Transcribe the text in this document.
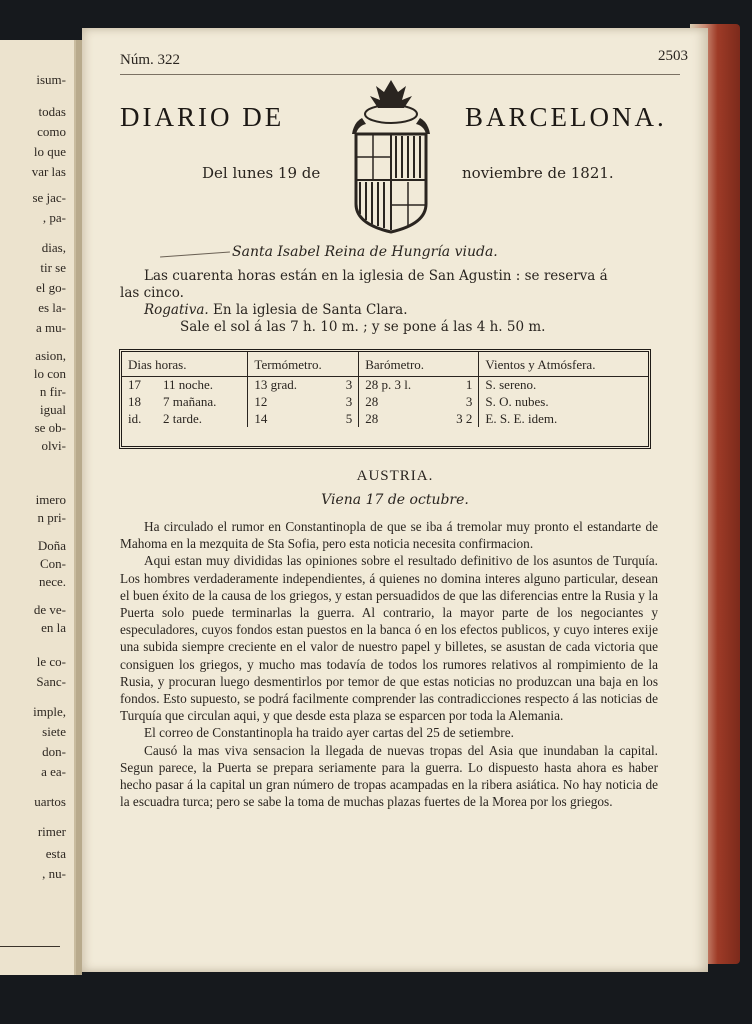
isum-
todas
como
lo que
var las
se jac-
, pa-
dias,
tir se
el go-
es la-
a mu-
asion,
lo con
n fir-
igual
se ob-
olvi-
imero
n pri-
Doña
Con-
nece.
de ve-
en la
le co-
Sanc-
imple,
siete
don-
a ea-
uartos
rimer
esta
, nu-
Núm. 322	2503
DIARIO DE	BARCELONA.
Del lunes 19 de	noviembre de 1821.
Santa Isabel Reina de Hungría viuda.
Las cuarenta horas están en la iglesia de San Agustin : se reserva á
las cinco.
Rogativa. En la iglesia de Santa Clara.
Sale el sol á las 7 h. 10 m. ; y se pone á las 4 h. 50 m.
Dias horas.		Termómetro.		Barómetro.		Vientos y Atmósfera.
17	11 noche.	13 grad.	3	28 p. 3 l.	1	S. sereno.
18	7 mañana.	12	3	28	3	S. O. nubes.
id.	2 tarde.	14	5	28	3 2	E. S. E. idem.
AUSTRIA.
Viena 17 de octubre.

Ha circulado el rumor en Constantinopla de que se iba á tremolar muy pronto el estandarte de Mahoma en la mezquita de Sta Sofia, pero esta noticia necesita confirmacion.

Aqui estan muy divididas las opiniones sobre el resultado definitivo de los asuntos de Turquía. Los hombres verdaderamente independientes, á quienes no domina interes alguno particular, desean el buen éxito de la causa de los griegos, y estan persuadidos de que las diferencias entre la Rusia y la Puerta solo puede terminarlas la guerra. Al contrario, la mayor parte de los negociantes y especuladores, cuyos fondos estan puestos en la banca ó en los efectos publicos, y cuyo interes exije una subida siempre creciente en el valor de nuestro papel y billetes, se asustan de cada victoria que consiguen los griegos, y mucho mas todavía de todos los rumores relativos al rompimiento de la Rusia, y procuran luego desmentirlos por temor de que estas noticias no produzcan una baja en los fondos. Esto supuesto, se podrá facilmente comprender las contradicciones respecto á las noticias de Turquía que circulan aqui, y que desde esta plaza se esparcen por toda la Alemania.

El correo de Constantinopla ha traido ayer cartas del 25 de setiembre.

Causó la mas viva sensacion la llegada de nuevas tropas del Asia que inundaban la capital. Segun parece, la Puerta se prepara seriamente para la guerra. Lo dispuesto hasta ahora es haber hecho pasar á la capital un gran número de tropas acampadas en la ribera asiática. No hay noticia de la escuadra turca; pero se sabe la toma de muchas plazas fuertes de la Morea por los griegos.
